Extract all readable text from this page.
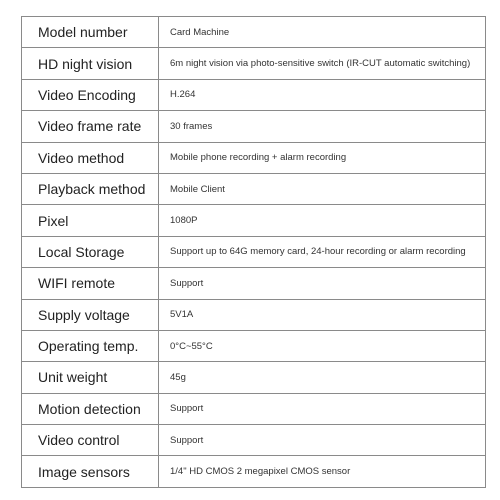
Model number	Card Machine
HD night vision	6m night vision via photo-sensitive switch (IR-CUT automatic switching)
Video Encoding	H.264
Video frame rate	30 frames
Video method	Mobile phone recording + alarm recording
Playback method	Mobile Client
Pixel	1080P
Local Storage	Support up to 64G memory card, 24-hour recording or alarm recording
WIFI remote	Support
Supply voltage	5V1A
Operating temp.	0°C~55°C
Unit weight	45g
Motion detection	Support
Video control	Support
Image sensors	1/4" HD CMOS 2 megapixel CMOS sensor
